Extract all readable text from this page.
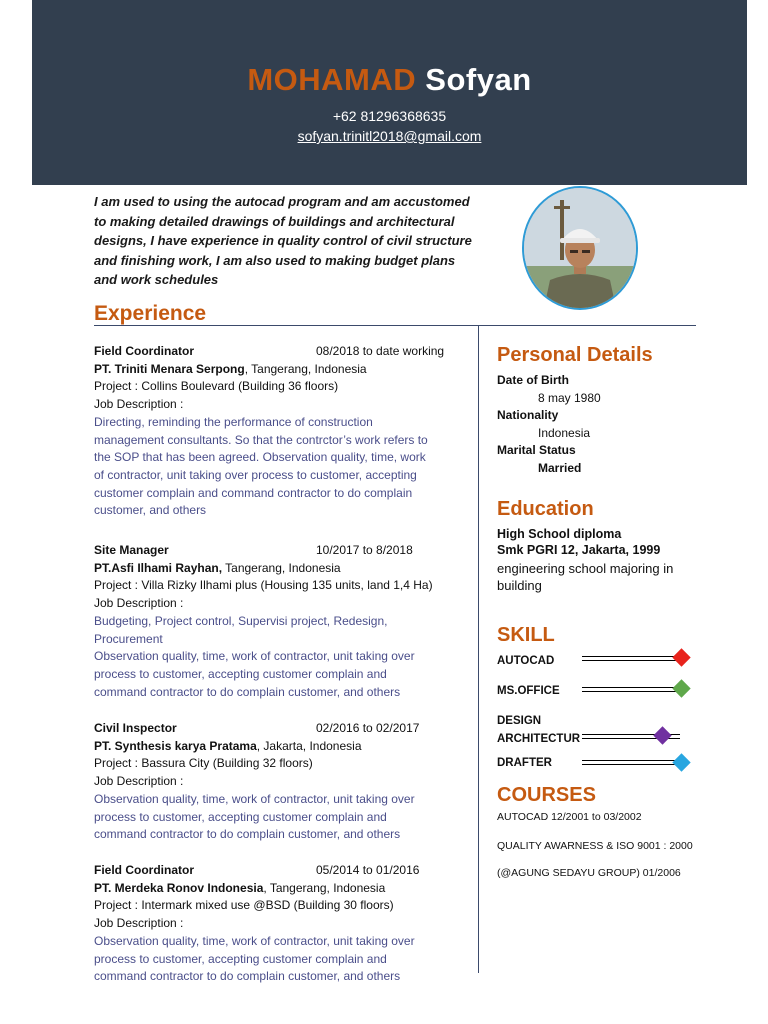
MOHAMAD Sofyan
+62 81296368635
sofyan.trinitl2018@gmail.com
I am used to using the autocad program and am accustomed to making detailed drawings of buildings and architectural designs, I have experience in quality control of civil structure and finishing work, I am also used to making budget plans and work schedules
Experience
Field Coordinator	08/2018 to date working
PT. Triniti Menara Serpong, Tangerang, Indonesia
Project : Collins Boulevard (Building 36 floors)
Job Description :
Directing, reminding the performance of construction
management consultants. So that the contrctor’s work refers to
the SOP that has been agreed. Observation quality, time, work
of contractor, unit taking over process to customer, accepting
customer complain and command contractor to do complain
customer, and others
Site Manager	10/2017 to 8/2018
PT.Asfi Ilhami Rayhan, Tangerang, Indonesia
Project : Villa Rizky Ilhami plus (Housing 135 units, land 1,4 Ha)
Job Description :
Budgeting, Project control, Supervisi project, Redesign,
Procurement
Observation quality, time, work of contractor, unit taking over
process to customer, accepting customer complain and
command contractor to do complain customer, and others
Civil Inspector	02/2016 to 02/2017
PT. Synthesis karya Pratama, Jakarta, Indonesia
Project : Bassura City (Building 32 floors)
Job Description :
Observation quality, time, work of contractor, unit taking over
process to customer, accepting customer complain and
command contractor to do complain customer, and others
Field Coordinator	05/2014 to 01/2016
PT. Merdeka Ronov Indonesia, Tangerang, Indonesia
Project : Intermark mixed use @BSD (Building 30 floors)
Job Description :
Observation quality, time, work of contractor, unit taking over
process to customer, accepting customer complain and
command contractor to do complain customer, and others
Personal Details
Date of Birth
8 may 1980
Nationality
Indonesia
Marital Status
Married
Education
High School diploma
Smk PGRI 12, Jakarta, 1999
engineering school majoring in building
SKILL
AUTOCAD
MS.OFFICE
DESIGN ARCHITECTUR
DRAFTER
COURSES
AUTOCAD 12/2001 to 03/2002
QUALITY AWARNESS & ISO 9001 : 2000
(@AGUNG SEDAYU GROUP) 01/2006
